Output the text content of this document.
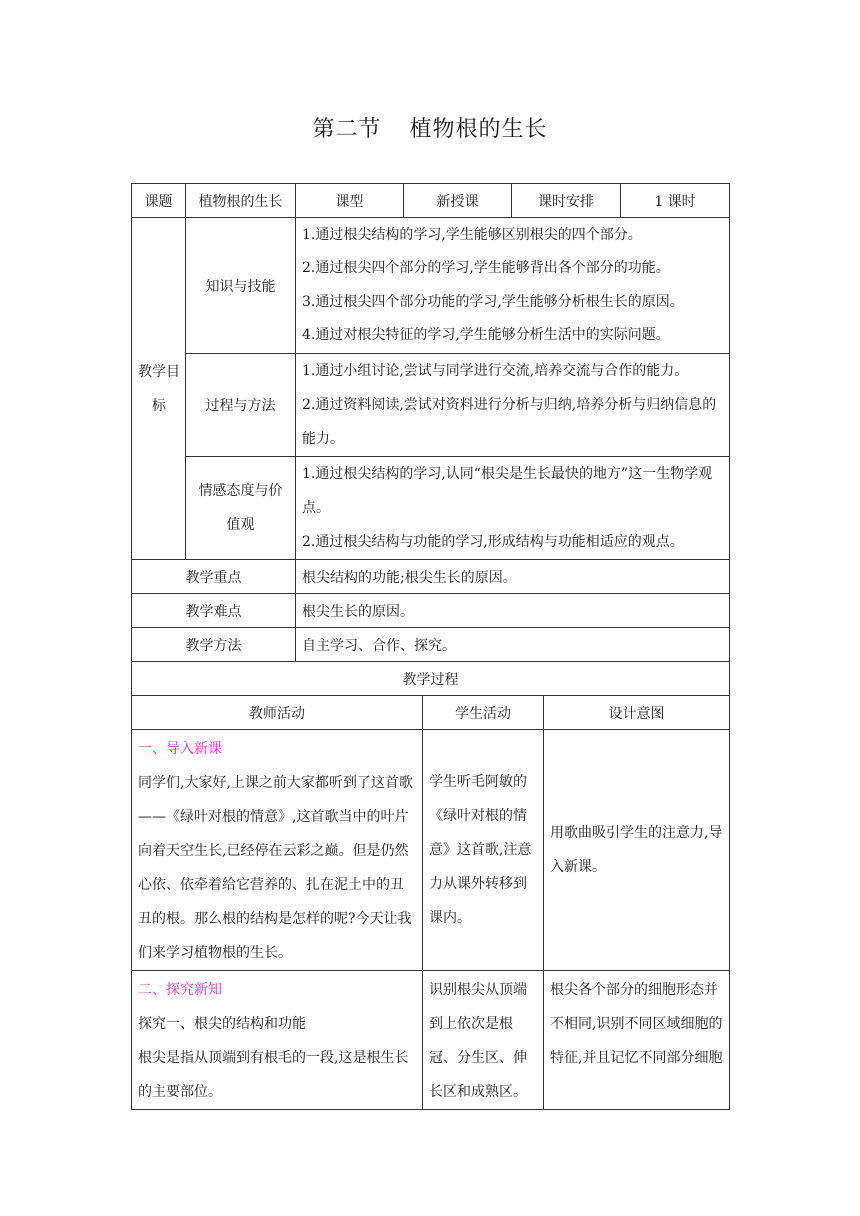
第二节 植物根的生长
课题	植物根的生长	课型	新授课		课时安排		1 课时

教学目标	知识与技能	1.通过根尖结构的学习,学生能够区别根尖的四个部分。
2.通过根尖四个部分的学习,学生能够背出各个部分的功能。
3.通过根尖四个部分功能的学习,学生能够分析根生长的原因。
4.通过对根尖特征的学习,学生能够分析生活中的实际问题。					

	过程与方法	1.通过小组讨论,尝试与同学进行交流,培养交流与合作的能力。
2.通过资料阅读,尝试对资料进行分析与归纳,培养分析与归纳信息的能力。					

	情感态度与价值观	1.通过根尖结构的学习,认同“根尖是生长最快的地方”这一生物学观点。
2.通过根尖结构与功能的学习,形成结构与功能相适应的观点。					

教学重点		根尖结构的功能;根尖生长的原因。					
教学难点		根尖生长的原因。					
教学方法		自主学习、合作、探究。					
教学过程							
教师活动				学生活动		设计意图	

一、导入新课
同学们,大家好,上课之前大家都听到了这首歌——《绿叶对根的情意》,这首歌当中的叶片向着天空生长,已经停在云彩之巅。但是仍然心依、依牵着给它营养的、扎在泥土中的丑丑的根。那么根的结构是怎样的呢?今天让我们来学习植物根的生长。				学生听毛阿敏的《绿叶对根的情意》这首歌,注意力从课外转移到课内。		用歌曲吸引学生的注意力,导入新课。	

二、探究新知
探究一、根尖的结构和功能
根尖是指从顶端到有根毛的一段,这是根生长的主要部位。				识别根尖从顶端到上依次是根冠、分生区、伸长区和成熟区。		根尖各个部分的细胞形态并不相同,识别不同区域细胞的特征,并且记忆不同部分细胞	
